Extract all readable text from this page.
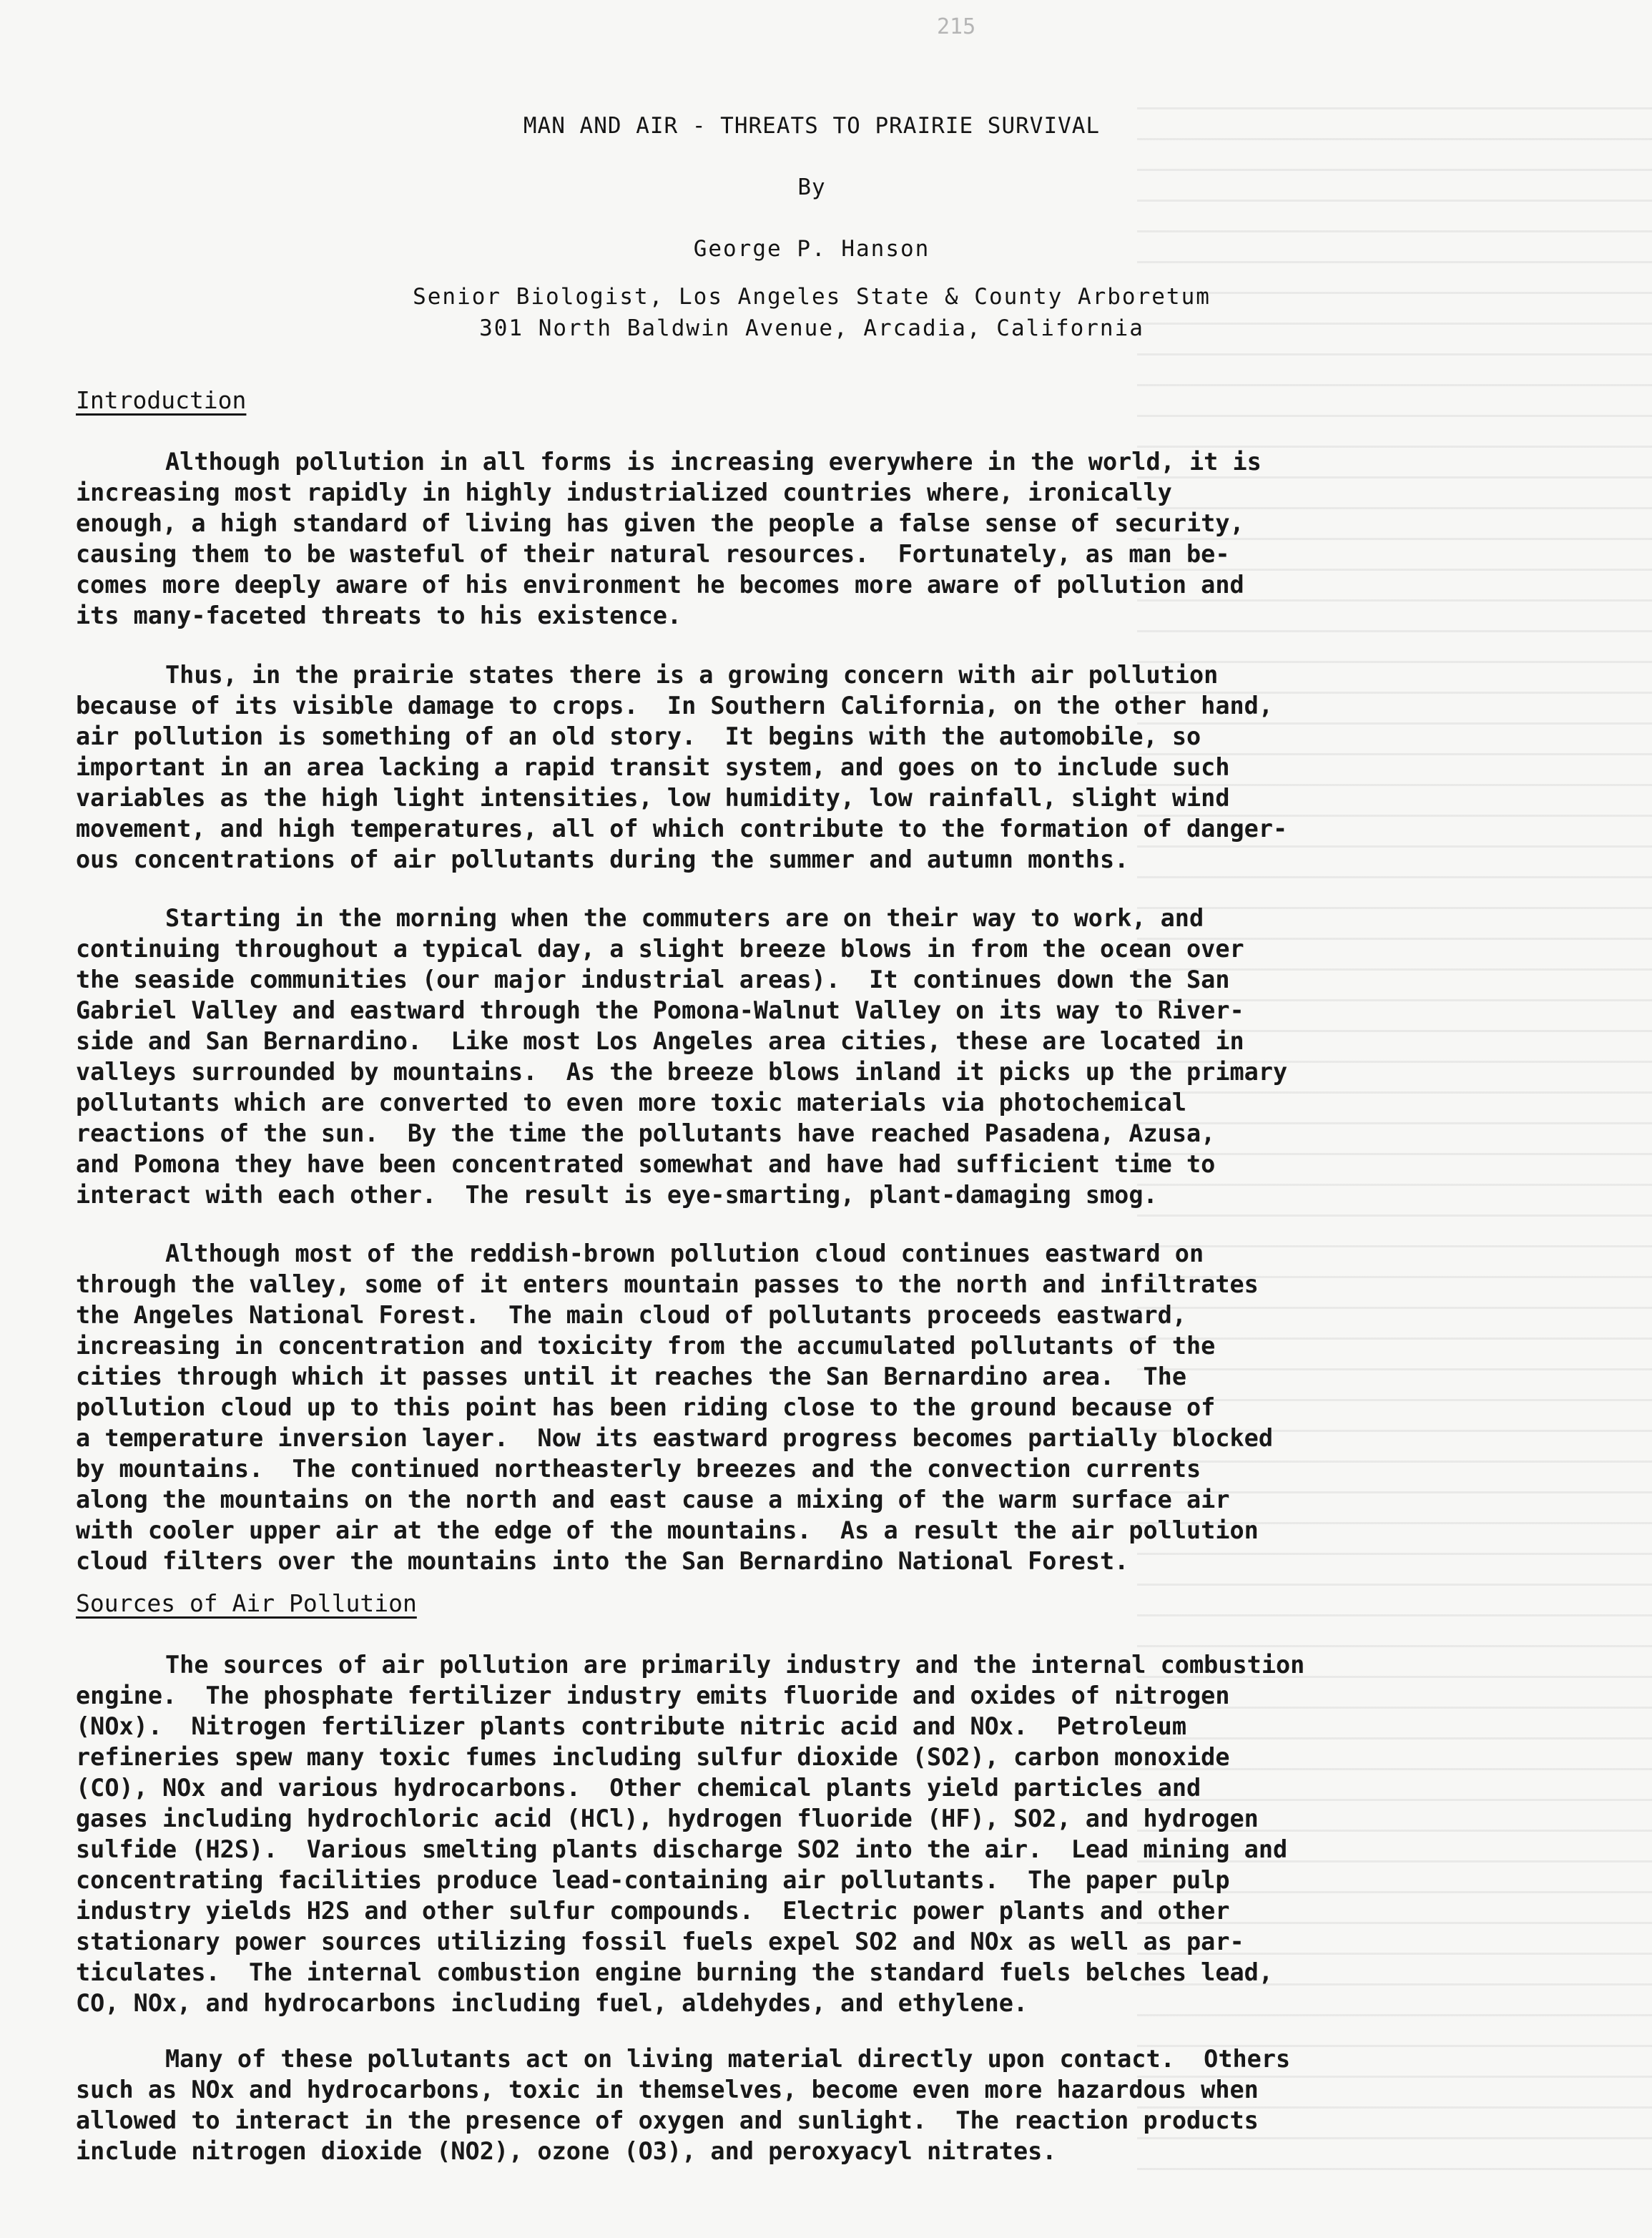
215
MAN AND AIR - THREATS TO PRAIRIE SURVIVAL
By
George P. Hanson
Senior Biologist, Los Angeles State & County Arboretum
301 North Baldwin Avenue, Arcadia, California
Introduction
Although pollution in all forms is increasing everywhere in the world, it is
increasing most rapidly in highly industrialized countries where, ironically
enough, a high standard of living has given the people a false sense of security,
causing them to be wasteful of their natural resources.  Fortunately, as man be-
comes more deeply aware of his environment he becomes more aware of pollution and
its many-faceted threats to his existence.
Thus, in the prairie states there is a growing concern with air pollution
because of its visible damage to crops.  In Southern California, on the other hand,
air pollution is something of an old story.  It begins with the automobile, so
important in an area lacking a rapid transit system, and goes on to include such
variables as the high light intensities, low humidity, low rainfall, slight wind
movement, and high temperatures, all of which contribute to the formation of danger-
ous concentrations of air pollutants during the summer and autumn months.
Starting in the morning when the commuters are on their way to work, and
continuing throughout a typical day, a slight breeze blows in from the ocean over
the seaside communities (our major industrial areas).  It continues down the San
Gabriel Valley and eastward through the Pomona-Walnut Valley on its way to River-
side and San Bernardino.  Like most Los Angeles area cities, these are located in
valleys surrounded by mountains.  As the breeze blows inland it picks up the primary
pollutants which are converted to even more toxic materials via photochemical
reactions of the sun.  By the time the pollutants have reached Pasadena, Azusa,
and Pomona they have been concentrated somewhat and have had sufficient time to
interact with each other.  The result is eye-smarting, plant-damaging smog.
Although most of the reddish-brown pollution cloud continues eastward on
through the valley, some of it enters mountain passes to the north and infiltrates
the Angeles National Forest.  The main cloud of pollutants proceeds eastward,
increasing in concentration and toxicity from the accumulated pollutants of the
cities through which it passes until it reaches the San Bernardino area.  The
pollution cloud up to this point has been riding close to the ground because of
a temperature inversion layer.  Now its eastward progress becomes partially blocked
by mountains.  The continued northeasterly breezes and the convection currents
along the mountains on the north and east cause a mixing of the warm surface air
with cooler upper air at the edge of the mountains.  As a result the air pollution
cloud filters over the mountains into the San Bernardino National Forest.
Sources of Air Pollution
The sources of air pollution are primarily industry and the internal combustion
engine.  The phosphate fertilizer industry emits fluoride and oxides of nitrogen
(NOx).  Nitrogen fertilizer plants contribute nitric acid and NOx.  Petroleum
refineries spew many toxic fumes including sulfur dioxide (SO2), carbon monoxide
(CO), NOx and various hydrocarbons.  Other chemical plants yield particles and
gases including hydrochloric acid (HCl), hydrogen fluoride (HF), SO2, and hydrogen
sulfide (H2S).  Various smelting plants discharge SO2 into the air.  Lead mining and
concentrating facilities produce lead-containing air pollutants.  The paper pulp
industry yields H2S and other sulfur compounds.  Electric power plants and other
stationary power sources utilizing fossil fuels expel SO2 and NOx as well as par-
ticulates.  The internal combustion engine burning the standard fuels belches lead,
CO, NOx, and hydrocarbons including fuel, aldehydes, and ethylene.
Many of these pollutants act on living material directly upon contact.  Others
such as NOx and hydrocarbons, toxic in themselves, become even more hazardous when
allowed to interact in the presence of oxygen and sunlight.  The reaction products
include nitrogen dioxide (NO2), ozone (O3), and peroxyacyl nitrates.
